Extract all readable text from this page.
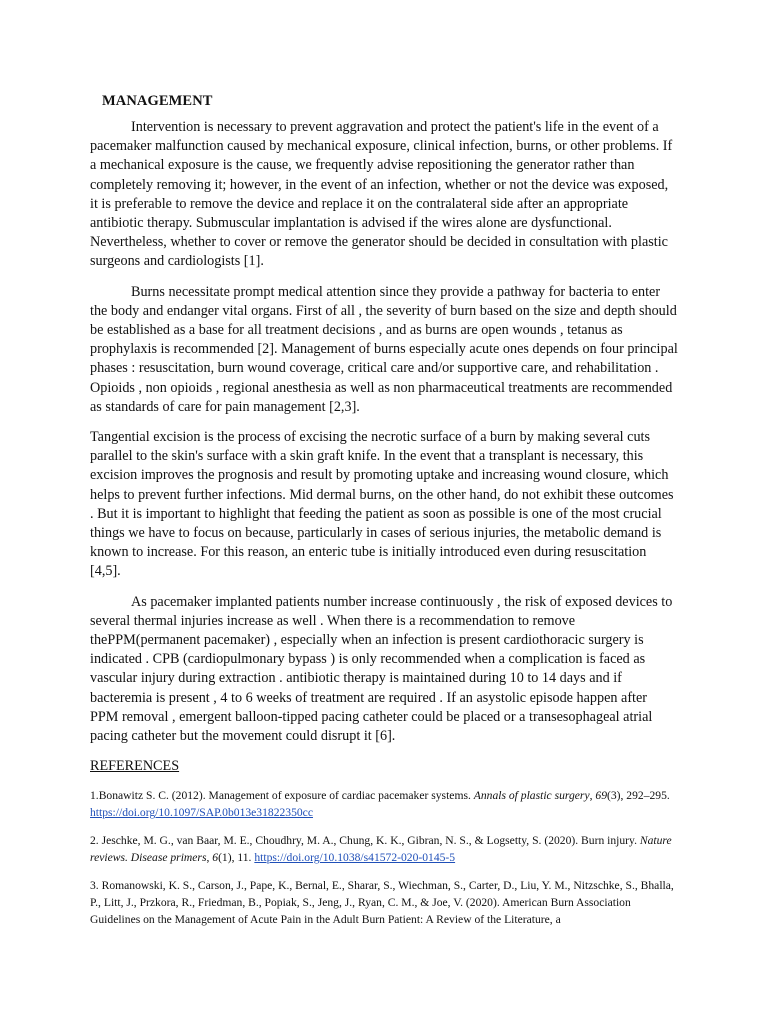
MANAGEMENT

Intervention is necessary to prevent aggravation and protect the patient's life in the event of a pacemaker malfunction caused by mechanical exposure, clinical infection, burns, or other problems. If a mechanical exposure is the cause, we frequently advise repositioning the generator rather than completely removing it; however, in the event of an infection, whether or not the device was exposed, it is preferable to remove the device and replace it on the contralateral side after an appropriate antibiotic therapy. Submuscular implantation is advised if the wires alone are dysfunctional. Nevertheless, whether to cover or remove the generator should be decided in consultation with plastic surgeons and cardiologists [1].

Burns necessitate prompt medical attention since they provide a pathway for bacteria to enter the body and endanger vital organs. First of all , the severity of burn based on the size and depth should be established as a base for all treatment decisions , and as burns are open wounds , tetanus as prophylaxis is recommended [2]. Management of burns especially acute ones depends on four principal phases : resuscitation, burn wound coverage, critical care and/or supportive care, and rehabilitation . Opioids , non opioids , regional anesthesia as well as non pharmaceutical treatments are recommended as standards of care for pain management [2,3].

Tangential excision is the process of excising the necrotic surface of a burn by making several cuts parallel to the skin's surface with a skin graft knife. In the event that a transplant is necessary, this excision improves the prognosis and result by promoting uptake and increasing wound closure, which helps to prevent further infections. Mid dermal burns, on the other hand, do not exhibit these outcomes . But it is important to highlight that feeding the patient as soon as possible is one of the most crucial things we have to focus on because, particularly in cases of serious injuries, the metabolic demand is known to increase. For this reason, an enteric tube is initially introduced even during resuscitation [4,5].

As pacemaker implanted patients number increase continuously , the risk of exposed devices to several thermal injuries increase as well . When there is a recommendation to remove thePPM(permanent pacemaker) , especially when an infection is present cardiothoracic surgery is indicated . CPB (cardiopulmonary bypass ) is only recommended when a complication is faced as vascular injury during extraction . antibiotic therapy is maintained during 10 to 14 days and if bacteremia is present , 4 to 6 weeks of treatment are required . If an asystolic episode happen after PPM removal , emergent balloon-tipped pacing catheter could be placed or a transesophageal atrial pacing catheter but the movement could disrupt it [6].

REFERENCES
1.Bonawitz S. C. (2012). Management of exposure of cardiac pacemaker systems. Annals of plastic surgery, 69(3), 292–295. https://doi.org/10.1097/SAP.0b013e31822350cc
2. Jeschke, M. G., van Baar, M. E., Choudhry, M. A., Chung, K. K., Gibran, N. S., & Logsetty, S. (2020). Burn injury. Nature reviews. Disease primers, 6(1), 11. https://doi.org/10.1038/s41572-020-0145-5
3. Romanowski, K. S., Carson, J., Pape, K., Bernal, E., Sharar, S., Wiechman, S., Carter, D., Liu, Y. M., Nitzschke, S., Bhalla, P., Litt, J., Przkora, R., Friedman, B., Popiak, S., Jeng, J., Ryan, C. M., & Joe, V. (2020). American Burn Association Guidelines on the Management of Acute Pain in the Adult Burn Patient: A Review of the Literature, a
